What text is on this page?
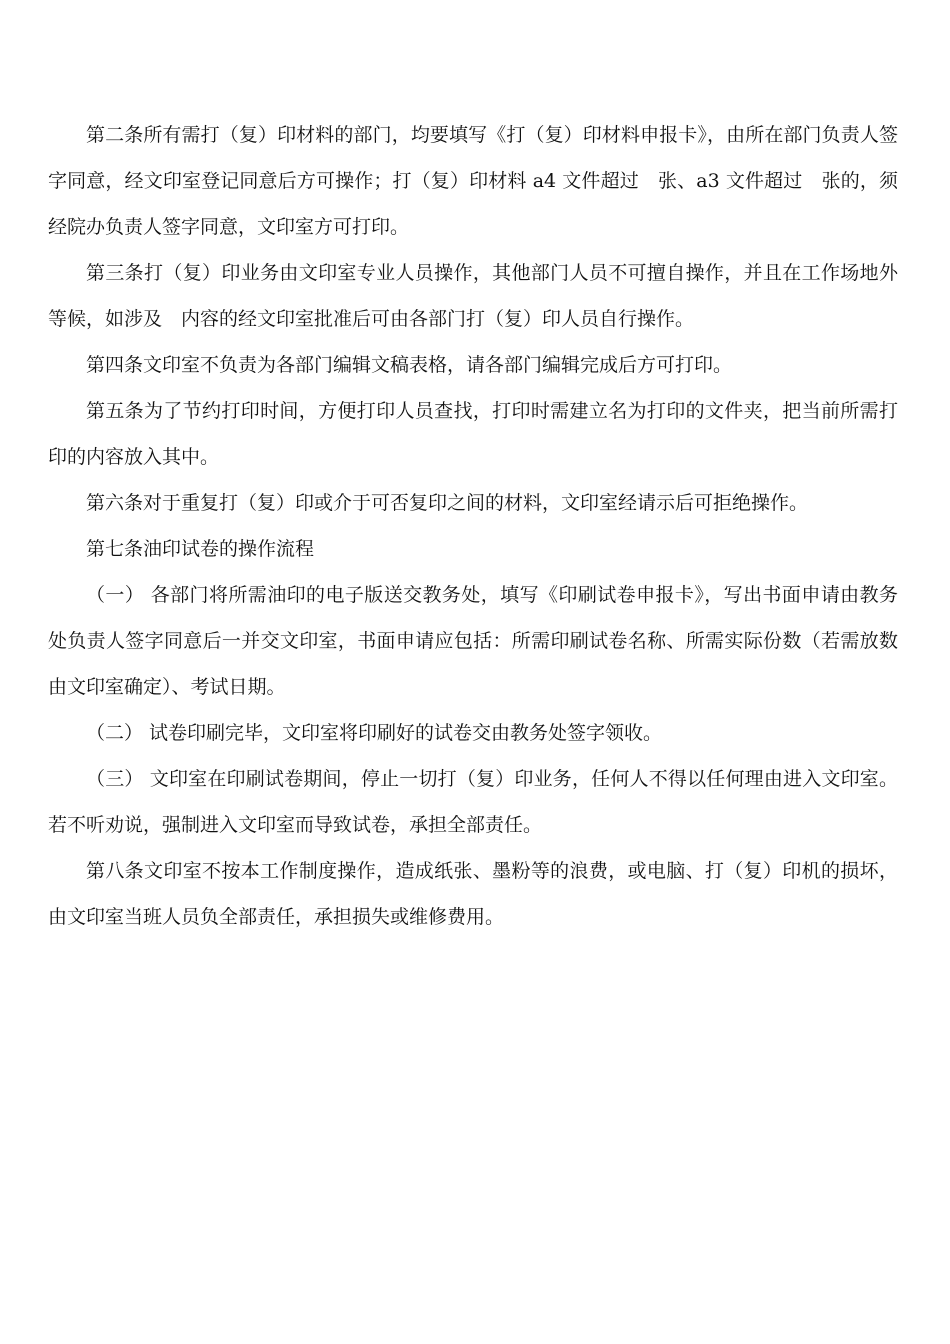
第二条所有需打（复）印材料的部门，均要填写《打（复）印材料申报卡》，由所在部门负责人签字同意，经文印室登记同意后方可操作；打（复）印材料 a4 文件超过　张、a3 文件超过　张的，须经院办负责人签字同意，文印室方可打印。

第三条打（复）印业务由文印室专业人员操作，其他部门人员不可擅自操作，并且在工作场地外等候，如涉及　内容的经文印室批准后可由各部门打（复）印人员自行操作。

第四条文印室不负责为各部门编辑文稿表格，请各部门编辑完成后方可打印。

第五条为了节约打印时间，方便打印人员查找，打印时需建立名为打印的文件夹，把当前所需打印的内容放入其中。

第六条对于重复打（复）印或介于可否复印之间的材料，文印室经请示后可拒绝操作。

第七条油印试卷的操作流程

（一） 各部门将所需油印的电子版送交教务处，填写《印刷试卷申报卡》，写出书面申请由教务处负责人签字同意后一并交文印室，书面申请应包括：所需印刷试卷名称、所需实际份数（若需放数由文印室确定）、考试日期。

（二） 试卷印刷完毕，文印室将印刷好的试卷交由教务处签字领收。

（三） 文印室在印刷试卷期间，停止一切打（复）印业务，任何人不得以任何理由进入文印室。若不听劝说，强制进入文印室而导致试卷，承担全部责任。

第八条文印室不按本工作制度操作，造成纸张、墨粉等的浪费，或电脑、打（复）印机的损坏，由文印室当班人员负全部责任，承担损失或维修费用。
